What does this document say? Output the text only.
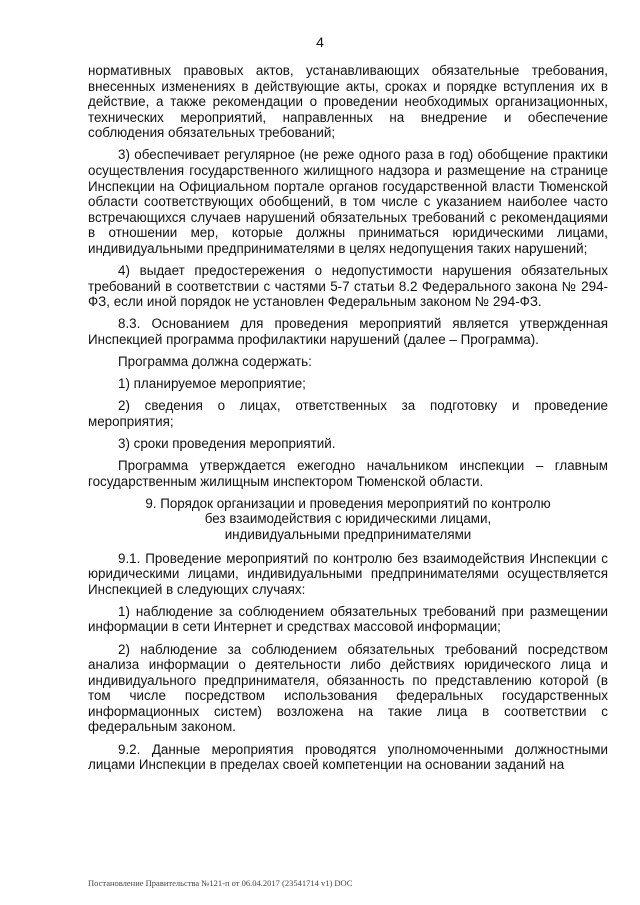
4

нормативных правовых актов, устанавливающих обязательные требования, внесенных изменениях в действующие акты, сроках и порядке вступления их в действие, а также рекомендации о проведении необходимых организационных, технических мероприятий, направленных на внедрение и обеспечение соблюдения обязательных требований;

3) обеспечивает регулярное (не реже одного раза в год) обобщение практики осуществления государственного жилищного надзора и размещение на странице Инспекции на Официальном портале органов государственной власти Тюменской области соответствующих обобщений, в том числе с указанием наиболее часто встречающихся случаев нарушений обязательных требований с рекомендациями в отношении мер, которые должны приниматься юридическими лицами, индивидуальными предпринимателями в целях недопущения таких нарушений;

4) выдает предостережения о недопустимости нарушения обязательных требований в соответствии с частями 5-7 статьи 8.2 Федерального закона № 294-ФЗ, если иной порядок не установлен Федеральным законом № 294-ФЗ.

8.3. Основанием для проведения мероприятий является утвержденная Инспекцией программа профилактики нарушений (далее – Программа).

Программа должна содержать:

1) планируемое мероприятие;

2) сведения о лицах, ответственных за подготовку и проведение мероприятия;

3) сроки проведения мероприятий.

Программа утверждается ежегодно начальником инспекции – главным государственным жилищным инспектором Тюменской области.

9. Порядок организации и проведения мероприятий по контролю
без взаимодействия с юридическими лицами,
индивидуальными предпринимателями

9.1. Проведение мероприятий по контролю без взаимодействия Инспекции с юридическими лицами, индивидуальными предпринимателями осуществляется Инспекцией в следующих случаях:

1) наблюдение за соблюдением обязательных требований при размещении информации в сети Интернет и средствах массовой информации;

2) наблюдение за соблюдением обязательных требований посредством анализа информации о деятельности либо действиях юридического лица и индивидуального предпринимателя, обязанность по представлению которой (в том числе посредством использования федеральных государственных информационных систем) возложена на такие лица в соответствии с федеральным законом.

9.2. Данные мероприятия проводятся уполномоченными должностными лицами Инспекции в пределах своей компетенции на основании заданий на

Постановление Правительства №121-п от 06.04.2017 (23541714 v1) DOC
